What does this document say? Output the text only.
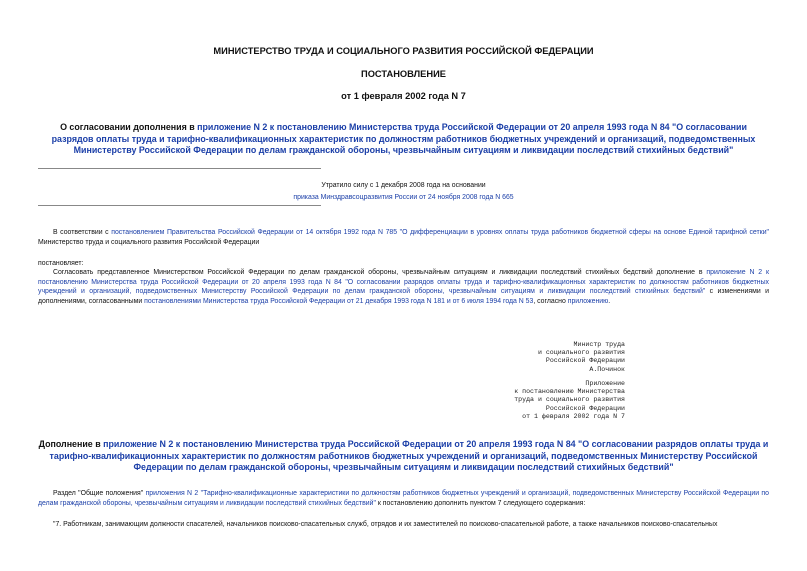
МИНИСТЕРСТВО ТРУДА И СОЦИАЛЬНОГО РАЗВИТИЯ РОССИЙСКОЙ ФЕДЕРАЦИИ
ПОСТАНОВЛЕНИЕ
от 1 февраля 2002 года N 7
О согласовании дополнения в приложение N 2 к постановлению Министерства труда Российской Федерации от 20 апреля 1993 года N 84 "О согласовании разрядов оплаты труда и тарифно-квалификационных характеристик по должностям работников бюджетных учреждений и организаций, подведомственных Министерству Российской Федерации по делам гражданской обороны, чрезвычайным ситуациям и ликвидации последствий стихийных бедствий"
Утратило силу с 1 декабря 2008 года на основании
приказа Минздравсоцразвития России от 24 ноября 2008 года N 665
В соответствии с постановлением Правительства Российской Федерации от 14 октября 1992 года N 785 "О дифференциации в уровнях оплаты труда работников бюджетной сферы на основе Единой тарифной сетки" Министерство труда и социального развития Российской Федерации
постановляет:
Согласовать представленное Министерством Российской Федерации по делам гражданской обороны, чрезвычайным ситуациям и ликвидации последствий стихийных бедствий дополнение в приложение N 2 к постановлению Министерства труда Российской Федерации от 20 апреля 1993 года N 84 "О согласовании разрядов оплаты труда и тарифно-квалификационных характеристик по должностям работников бюджетных учреждений и организаций, подведомственных Министерству Российской Федерации по делам гражданской обороны, чрезвычайным ситуациям и ликвидации последствий стихийных бедствий" с изменениями и дополнениями, согласованными постановлениями Министерства труда Российской Федерации от 21 декабря 1993 года N 181 и от 6 июля 1994 года N 53, согласно приложению.
Министр труда
и социального развития
Российской Федерации
А.Починок
Приложение
к постановлению Министерства
труда и социального развития
Российской Федерации
от 1 февраля 2002 года N 7
Дополнение в приложение N 2 к постановлению Министерства труда Российской Федерации от 20 апреля 1993 года N 84 "О согласовании разрядов оплаты труда и тарифно-квалификационных характеристик по должностям работников бюджетных учреждений и организаций, подведомственных Министерству Российской Федерации по делам гражданской обороны, чрезвычайным ситуациям и ликвидации последствий стихийных бедствий"
Раздел "Общие положения" приложения N 2 "Тарифно-квалификационные характеристики по должностям работников бюджетных учреждений и организаций, подведомственных Министерству Российской Федерации по делам гражданской обороны, чрезвычайным ситуациям и ликвидации последствий стихийных бедствий" к постановлению дополнить пунктом 7 следующего содержания:
"7. Работникам, занимающим должности спасателей, начальников поисково-спасательных служб, отрядов и их заместителей по поисково-спасательной работе, а также начальников поисково-спасательных
